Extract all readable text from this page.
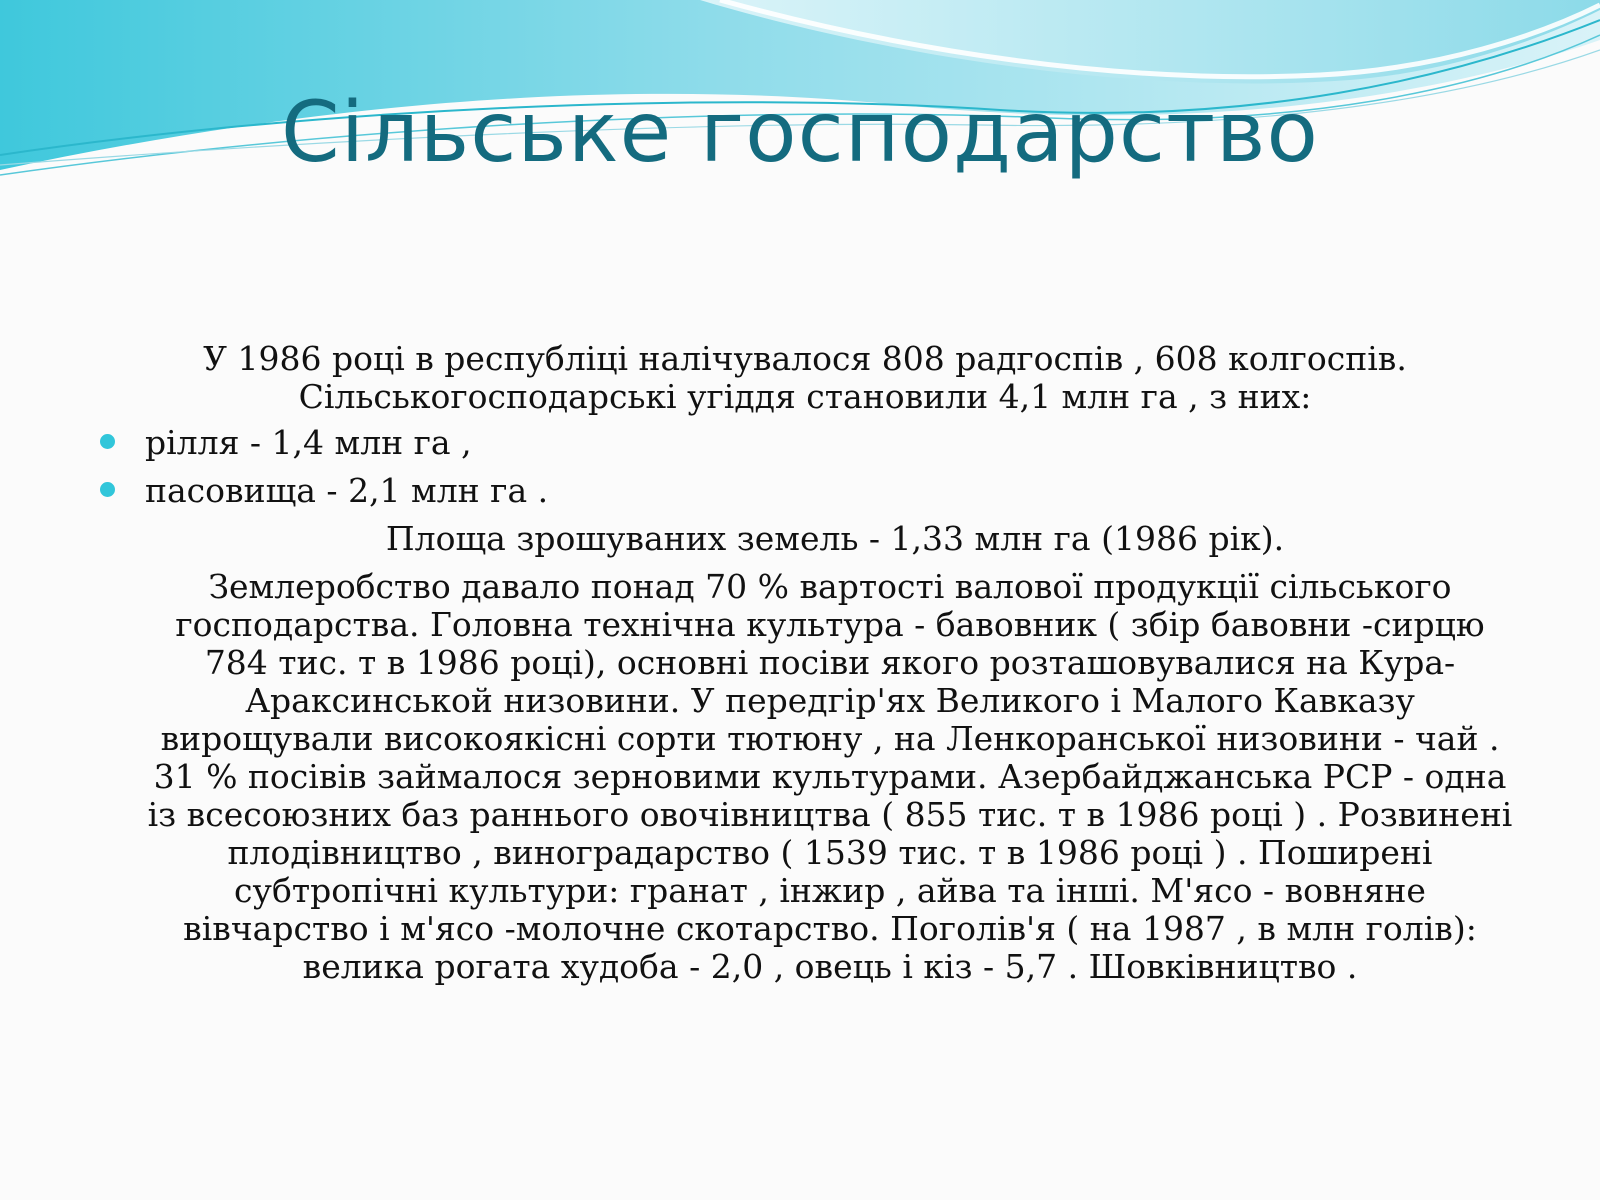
Сільське господарство

У 1986 році в республіці налічувалося 808 радгоспів , 608 колгоспів. Сільськогосподарські угіддя становили 4,1 млн га , з них:

рілля - 1,4 млн га ,
пасовища - 2,1 млн га .

Площа зрошуваних земель - 1,33 млн га (1986 рік).

Землеробство давало понад 70 % вартості валової продукції сільського господарства. Головна технічна культура - бавовник ( збір бавовни -сирцю 784 тис. т в 1986 році), основні посіви якого розташовувалися на Кура-Араксинськой низовини. У передгір'ях Великого і Малого Кавказу вирощували високоякісні сорти тютюну , на Ленкоранської низовини - чай . 31 % посівів займалося зерновими культурами. Азербайджанська РСР - одна із всесоюзних баз раннього овочівництва ( 855 тис. т в 1986 році ) . Розвинені плодівництво , виноградарство ( 1539 тис. т в 1986 році ) . Поширені субтропічні культури: гранат , інжир , айва та інші. М'ясо - вовняне вівчарство і м'ясо -молочне скотарство. Поголів'я ( на 1987 , в млн голів): велика рогата худоба - 2,0 , овець і кіз - 5,7 . Шовківництво .
